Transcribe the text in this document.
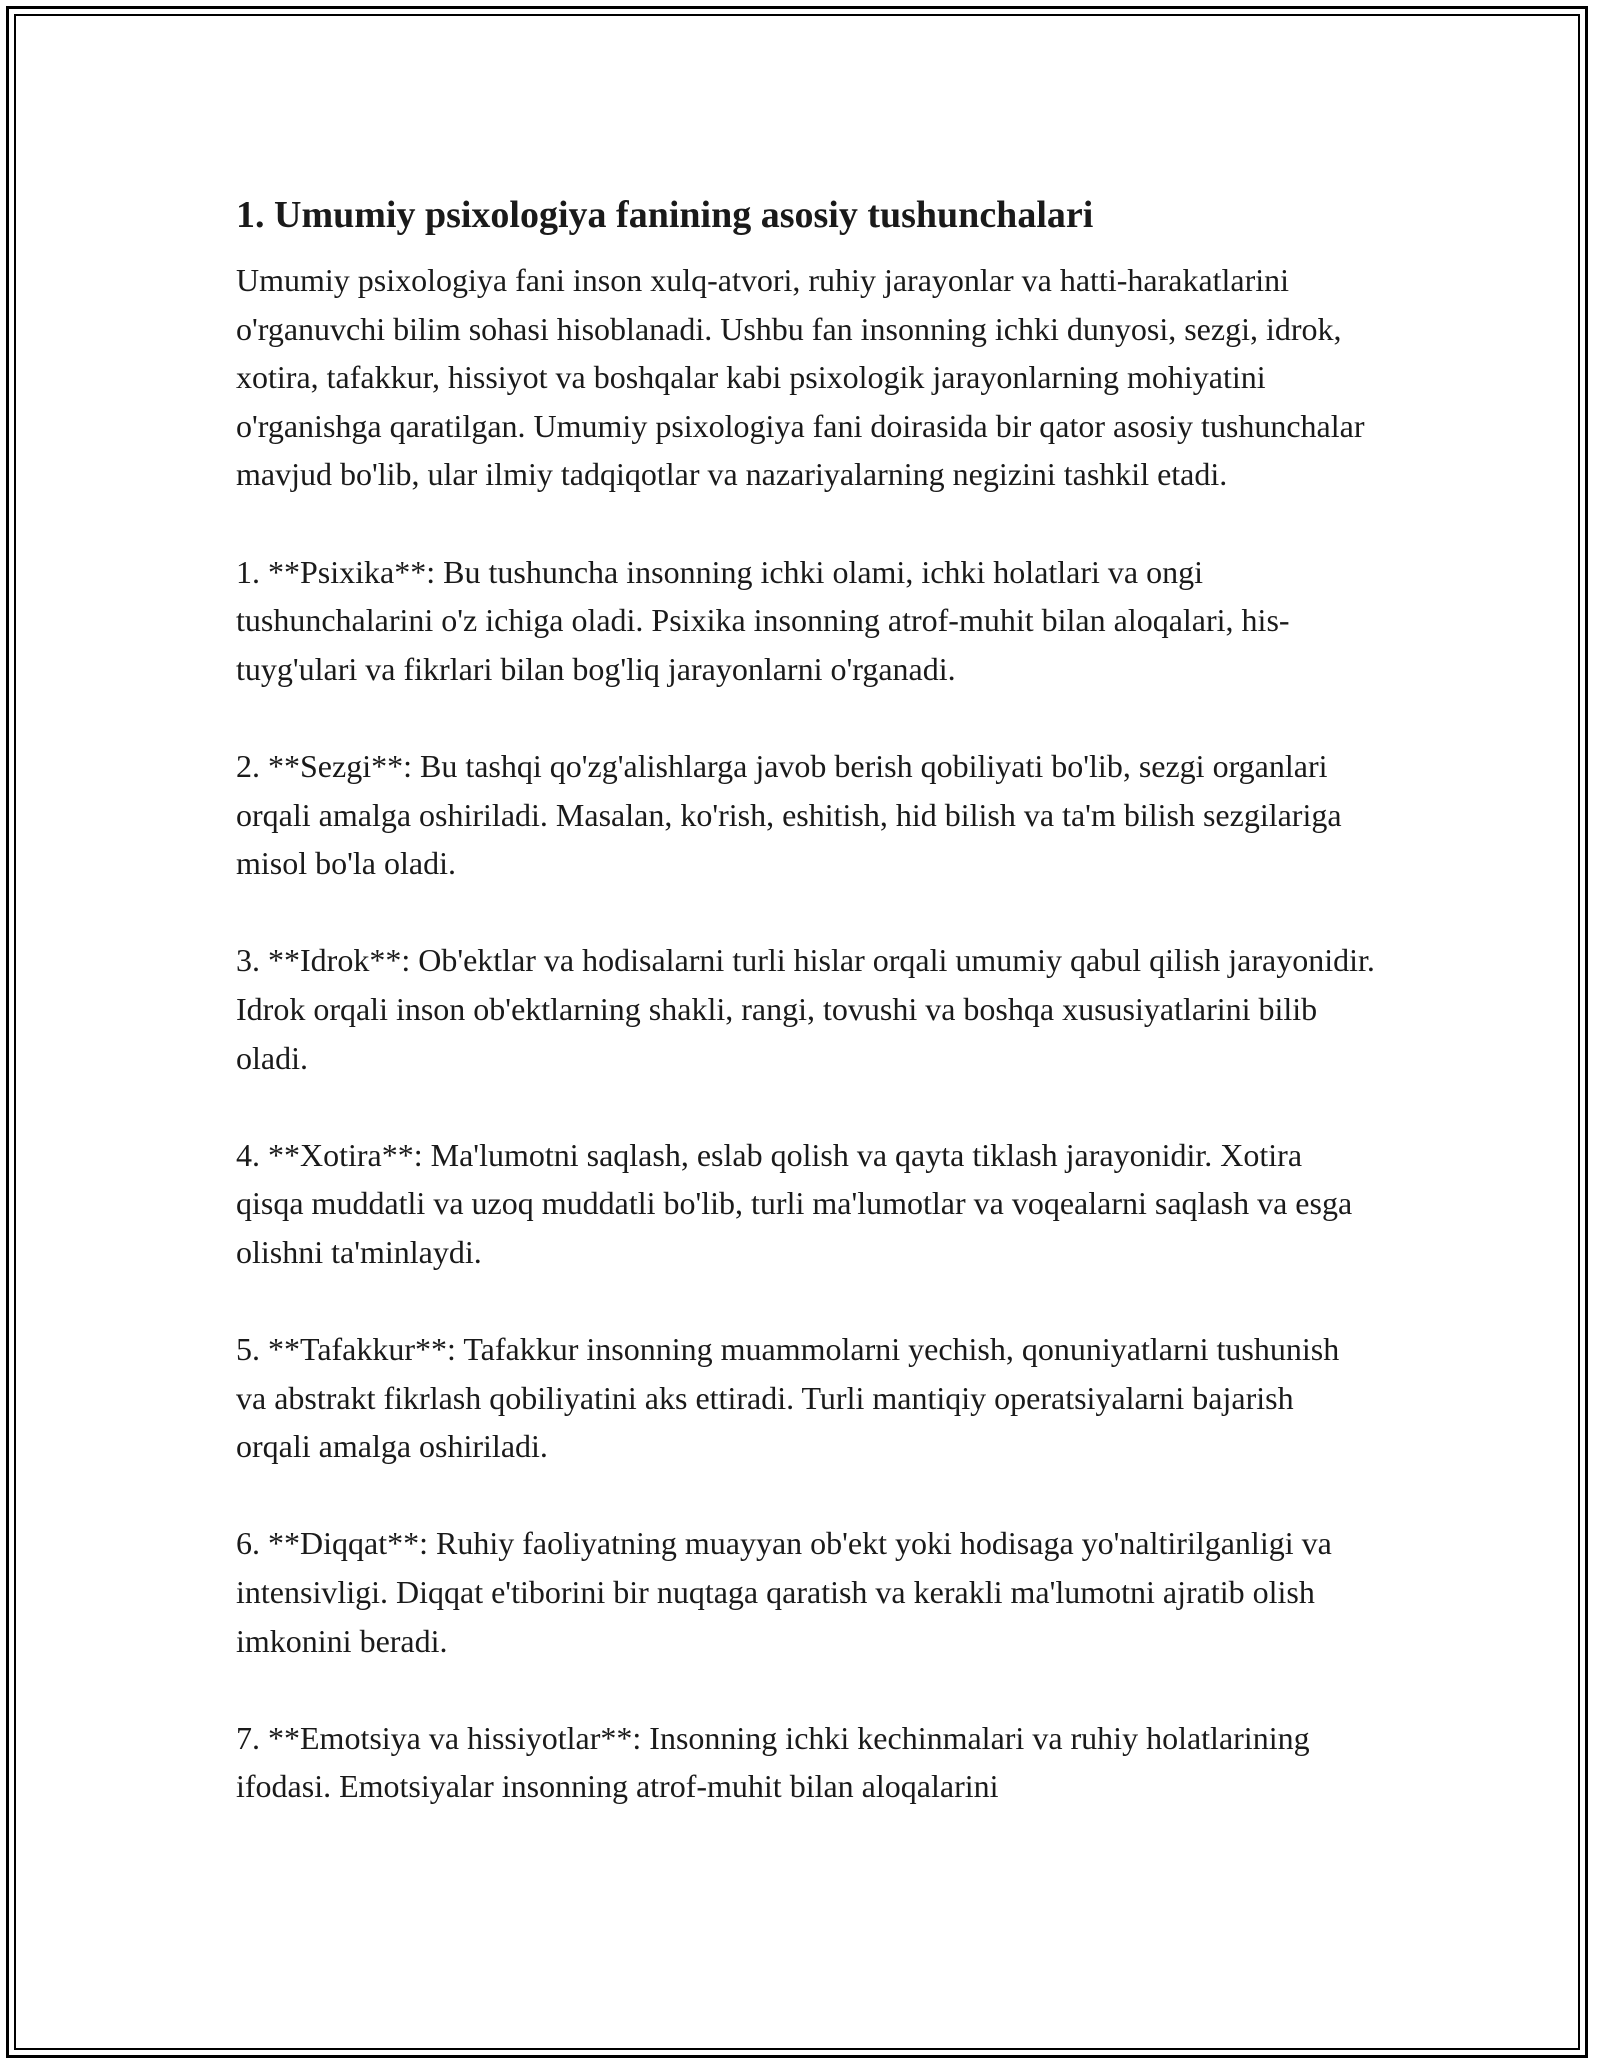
1. Umumiy psixologiya fanining asosiy tushunchalari

Umumiy psixologiya fani inson xulq-atvori, ruhiy jarayonlar va hatti-harakatlarini o'rganuvchi bilim sohasi hisoblanadi. Ushbu fan insonning ichki dunyosi, sezgi, idrok, xotira, tafakkur, hissiyot va boshqalar kabi psixologik jarayonlarning mohiyatini o'rganishga qaratilgan. Umumiy psixologiya fani doirasida bir qator asosiy tushunchalar mavjud bo'lib, ular ilmiy tadqiqotlar va nazariyalarning negizini tashkil etadi.

1. **Psixika**: Bu tushuncha insonning ichki olami, ichki holatlari va ongi tushunchalarini o'z ichiga oladi. Psixika insonning atrof-muhit bilan aloqalari, his-tuyg'ulari va fikrlari bilan bog'liq jarayonlarni o'rganadi.

2. **Sezgi**: Bu tashqi qo'zg'alishlarga javob berish qobiliyati bo'lib, sezgi organlari orqali amalga oshiriladi. Masalan, ko'rish, eshitish, hid bilish va ta'm bilish sezgilariga misol bo'la oladi.

3. **Idrok**: Ob'ektlar va hodisalarni turli hislar orqali umumiy qabul qilish jarayonidir. Idrok orqali inson ob'ektlarning shakli, rangi, tovushi va boshqa xususiyatlarini bilib oladi.

4. **Xotira**: Ma'lumotni saqlash, eslab qolish va qayta tiklash jarayonidir. Xotira qisqa muddatli va uzoq muddatli bo'lib, turli ma'lumotlar va voqealarni saqlash va esga olishni ta'minlaydi.

5. **Tafakkur**: Tafakkur insonning muammolarni yechish, qonuniyatlarni tushunish va abstrakt fikrlash qobiliyatini aks ettiradi. Turli mantiqiy operatsiyalarni bajarish orqali amalga oshiriladi.

6. **Diqqat**: Ruhiy faoliyatning muayyan ob'ekt yoki hodisaga yo'naltirilganligi va intensivligi. Diqqat e'tiborini bir nuqtaga qaratish va kerakli ma'lumotni ajratib olish imkonini beradi.

7. **Emotsiya va hissiyotlar**: Insonning ichki kechinmalari va ruhiy holatlarining ifodasi. Emotsiyalar insonning atrof-muhit bilan aloqalarini
